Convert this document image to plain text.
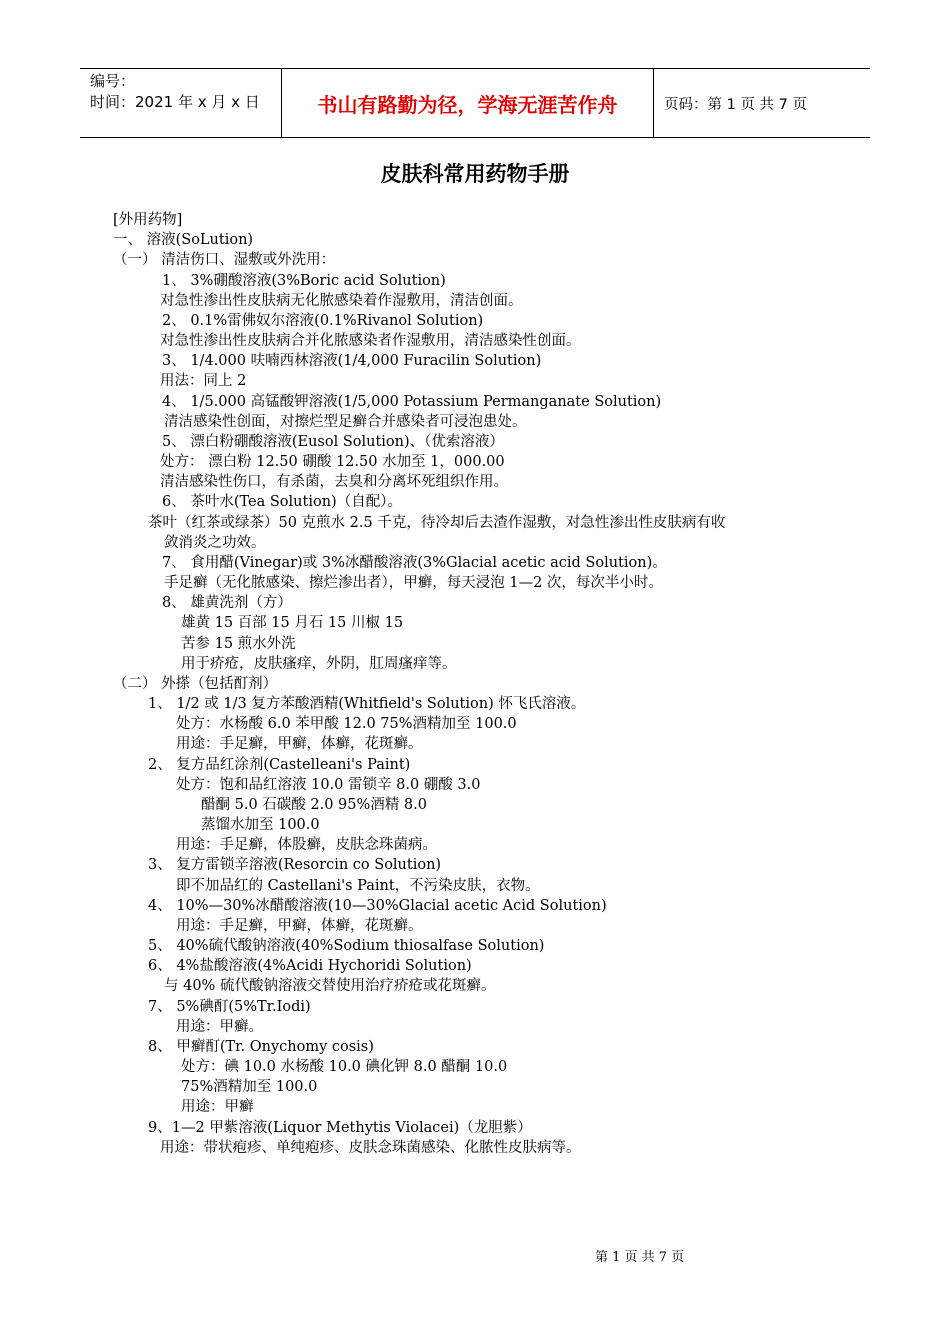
编号：
时间：2021 年 x 月 x 日	书山有路勤为径，学海无涯苦作舟	页码：第 1 页 共 7 页
皮肤科常用药物手册
[外用药物]
一、 溶液(SoLution)
（一） 清洁伤口、湿敷或外洗用：
1、 3%硼酸溶液(3%Boric acid Solution)
对急性渗出性皮肤病无化脓感染着作湿敷用，清洁创面。
2、 0.1%雷佛奴尔溶液(0.1%Rivanol Solution)
对急性渗出性皮肤病合并化脓感染者作湿敷用，清洁感染性创面。
3、 1/4.000 呋喃西林溶液(1/4,000 Furacilin Solution)
用法：同上 2
4、 1/5.000 高锰酸钾溶液(1/5,000 Potassium Permanganate Solution)
清洁感染性创面，对擦烂型足癣合并感染者可浸泡患处。
5、 漂白粉硼酸溶液(Eusol Solution)、（优索溶液）
处方： 漂白粉 12.50 硼酸 12.50 水加至 1，000.00
清洁感染性伤口，有杀菌，去臭和分离坏死组织作用。
6、 茶叶水(Tea Solution)（自配）。
茶叶（红茶或绿茶）50 克煎水 2.5 千克，待冷却后去渣作湿敷，对急性渗出性皮肤病有收
敛消炎之功效。
7、 食用醋(Vinegar)或 3%冰醋酸溶液(3%Glacial acetic acid Solution)。
手足癣（无化脓感染、擦烂渗出者），甲癣，每天浸泡 1—2 次，每次半小时。
8、 雄黄洗剂（方）
雄黄 15 百部 15 月石 15 川椒 15
苦参 15 煎水外洗
用于疥疮，皮肤瘙痒，外阴，肛周瘙痒等。
（二） 外搽（包括酊剂）
1、 1/2 或 1/3 复方苯酸酒精(Whitfield's Solution) 怀飞氏溶液。
处方：水杨酸 6.0 苯甲酸 12.0 75%酒精加至 100.0
用途：手足癣，甲癣，体癣，花斑癣。
2、 复方品红涂剂(Castelleani's Paint)
处方：饱和品红溶液 10.0 雷锁辛 8.0 硼酸 3.0
醋酮 5.0 石碳酸 2.0 95%酒精 8.0
蒸馏水加至 100.0
用途：手足癣，体股癣，皮肤念珠菌病。
3、 复方雷锁辛溶液(Resorcin co Solution)
即不加品红的 Castellani's Paint，不污染皮肤，衣物。
4、 10%—30%冰醋酸溶液(10—30%Glacial acetic Acid Solution)
用途：手足癣，甲癣，体癣，花斑癣。
5、 40%硫代酸钠溶液(40%Sodium thiosalfase Solution)
6、 4%盐酸溶液(4%Acidi Hychoridi Solution)
与 40% 硫代酸钠溶液交替使用治疗疥疮或花斑癣。
7、 5%碘酊(5%Tr.Iodi)
用途：甲癣。
8、 甲癣酊(Tr. Onychomy cosis)
处方：碘 10.0 水杨酸 10.0 碘化钾 8.0 醋酮 10.0
75%酒精加至 100.0
用途：甲癣
9、1—2 甲紫溶液(Liquor Methytis Violacei)（龙胆紫）
用途：带状疱疹、单纯疱疹、皮肤念珠菌感染、化脓性皮肤病等。
第 1 页 共 7 页
